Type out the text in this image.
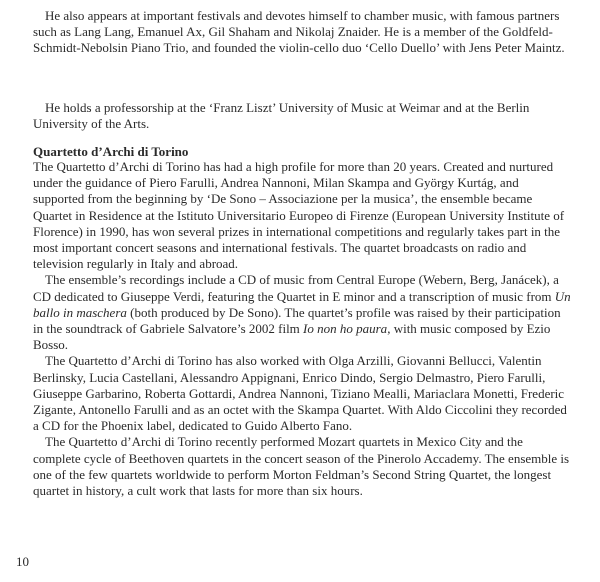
He also appears at important festivals and devotes himself to chamber music, with famous partners such as Lang Lang, Emanuel Ax, Gil Shaham and Nikolaj Znaider. He is a member of the Goldfeld-Schmidt-Nebolsin Piano Trio, and founded the violin-cello duo ‘Cello Duello’ with Jens Peter Maintz.

He holds a professorship at the ‘Franz Liszt’ University of Music at Weimar and at the Berlin University of the Arts.

Quartetto d’Archi di Torino

The Quartetto d’Archi di Torino has had a high profile for more than 20 years. Created and nurtured under the guidance of Piero Farulli, Andrea Nannoni, Milan Skampa and György Kurtág, and supported from the beginning by ‘De Sono – Associazione per la musica’, the ensemble became Quartet in Residence at the Istituto Universitario Europeo di Firenze (European University Institute of Florence) in 1990, has won several prizes in international competitions and regularly takes part in the most important concert seasons and international festivals. The quartet broadcasts on radio and television regularly in Italy and abroad.

The ensemble’s recordings include a CD of music from Central Europe (Webern, Berg, Janácek), a CD dedicated to Giuseppe Verdi, featuring the Quartet in E minor and a transcription of music from Un ballo in maschera (both produced by De Sono). The quartet’s profile was raised by their participation in the soundtrack of Gabriele Salvatore’s 2002 film Io non ho paura, with music composed by Ezio Bosso.

The Quartetto d’Archi di Torino has also worked with Olga Arzilli, Giovanni Bellucci, Valentin Berlinsky, Lucia Castellani, Alessandro Appignani, Enrico Dindo, Sergio Delmastro, Piero Farulli, Giuseppe Garbarino, Roberta Gottardi, Andrea Nannoni, Tiziano Mealli, Mariaclara Monetti, Frederic Zigante, Antonello Farulli and as an octet with the Skampa Quartet. With Aldo Ciccolini they recorded a CD for the Phoenix label, dedicated to Guido Alberto Fano.

The Quartetto d’Archi di Torino recently performed Mozart quartets in Mexico City and the complete cycle of Beethoven quartets in the concert season of the Pinerolo Accademy. The ensemble is one of the few quartets worldwide to perform Morton Feldman’s Second String Quartet, the longest quartet in history, a cult work that lasts for more than six hours.

10
